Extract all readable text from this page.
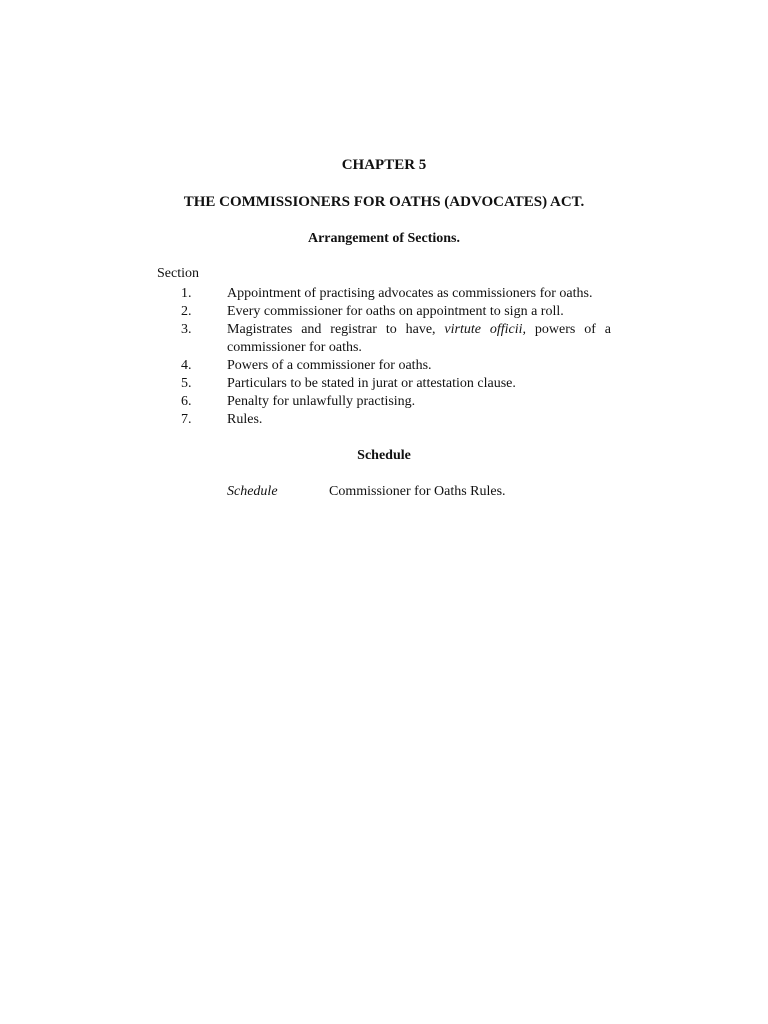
CHAPTER 5
THE COMMISSIONERS FOR OATHS (ADVOCATES) ACT.
Arrangement of Sections.
Section
1.	Appointment of practising advocates as commissioners for oaths.
2.	Every commissioner for oaths on appointment to sign a roll.
3.	Magistrates and registrar to have, virtute officii, powers of a commissioner for oaths.
4.	Powers of a commissioner for oaths.
5.	Particulars to be stated in jurat or attestation clause.
6.	Penalty for unlawfully practising.
7.	Rules.
Schedule
Schedule	Commissioner for Oaths Rules.
